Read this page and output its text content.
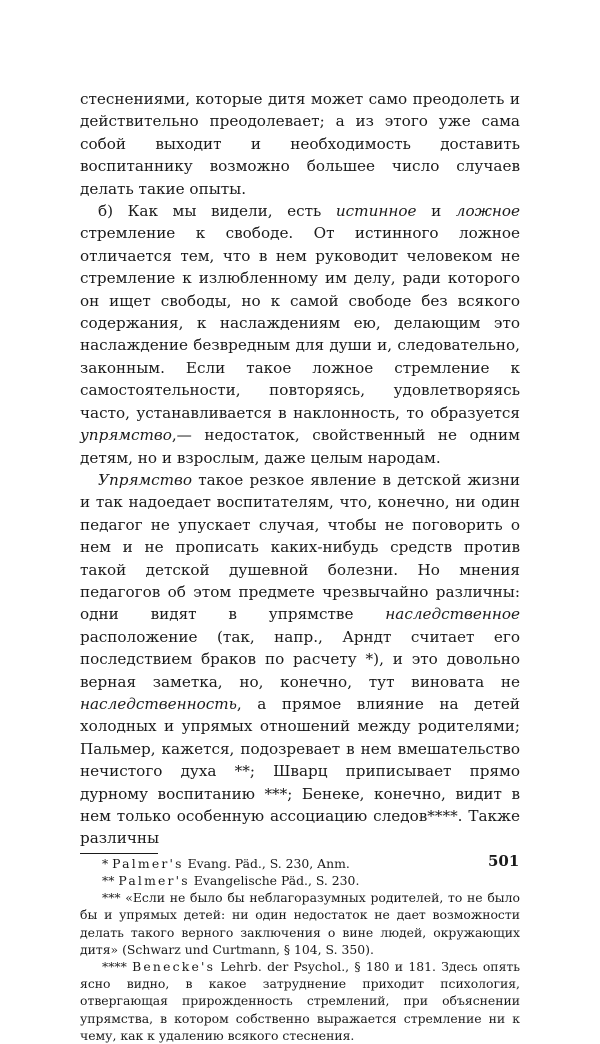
стеснениями, которые дитя может само преодолеть и действительно преодолевает; а из этого уже сама собой выходит и необходимость доставить воспитаннику возможно большее число случаев делать такие опыты.

б) Как мы видели, есть истинное и ложное стремление к свободе. От истинного ложное отличается тем, что в нем руководит человеком не стремление к излюбленному им делу, ради которого он ищет свободы, но к самой свободе без всякого содержания, к наслаждениям ею, делающим это наслаждение безвредным для души и, следовательно, законным. Если такое ложное стремление к самостоятельности, повторяясь, удовлетворяясь часто, устанавливается в наклонность, то образуется упрямство,— недостаток, свойственный не одним детям, но и взрослым, даже целым народам.

Упрямство такое резкое явление в детской жизни и так надоедает воспитателям, что, конечно, ни один педагог не упускает случая, чтобы не поговорить о нем и не прописать каких-нибудь средств против такой детской душевной болезни. Но мнения педагогов об этом предмете чрезвычайно различны: одни видят в упрямстве наследственное расположение (так, напр., Арндт считает его последствием браков по расчету *), и это довольно верная заметка, но, конечно, тут виновата не наследственность, а прямое влияние на детей холодных и упрямых отношений между родителями; Пальмер, кажется, подозревает в нем вмешательство нечистого духа **; Шварц приписывает прямо дурному воспитанию ***; Бенеке, конечно, видит в нем только особенную ассоциацию следов****. Также различны

* Palmer's Evang. Päd., S. 230, Anm.

** Palmer's Evangelische Päd., S. 230.

*** «Если не было бы неблагоразумных родителей, то не было бы и упрямых детей: ни один недостаток не дает возможности делать такого верного заключения о вине людей, окружающих дитя» (Schwarz und Curtmann, § 104, S. 350).

**** Benecke's Lehrb. der Psychol., § 180 и 181. Здесь опять ясно видно, в какое затруднение приходит психология, отвергающая прирожденность стремлений, при объяснении упрямства, в котором собственно выражается стремление ни к чему, как к удалению всякого стеснения.

501
